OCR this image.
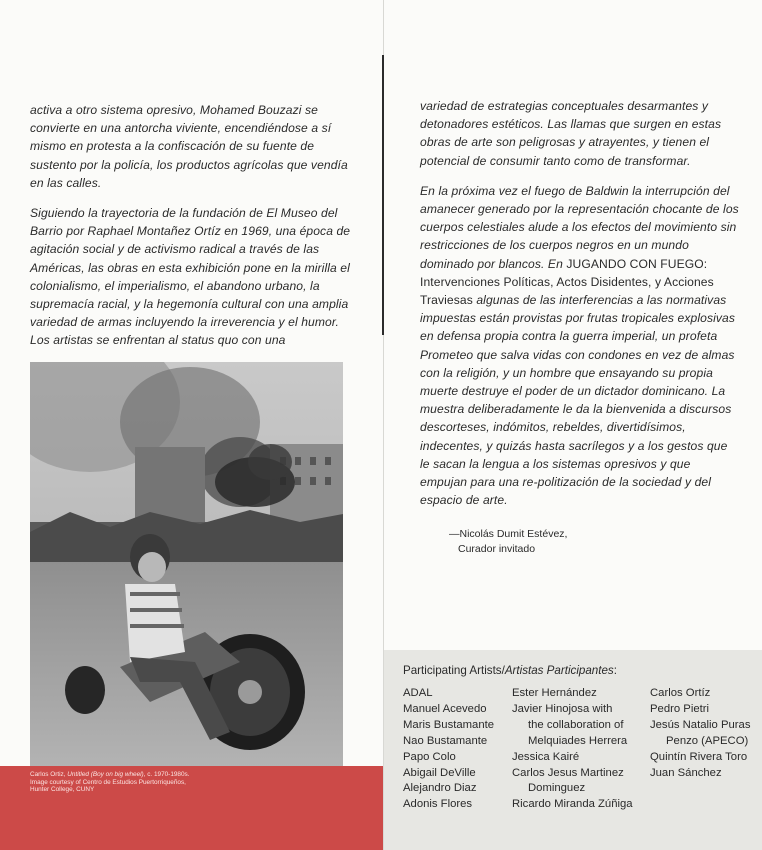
activa a otro sistema opresivo, Mohamed Bouzazi se convierte en una antorcha viviente, encendiéndose a sí mismo en protesta a la confiscación de su fuente de sustento por la policía, los productos agrícolas que vendía en las calles.

Siguiendo la trayectoria de la fundación de El Museo del Barrio por Raphael Montañez Ortíz en 1969, una época de agitación social y de activismo radical a través de las Américas, las obras en esta exhibición pone en la mirilla el colonialismo, el imperialismo, el abandono urbano, la supremacía racial, y la hegemonía cultural con una amplia variedad de armas incluyendo la irreverencia y el humor. Los artistas se enfrentan al status quo con una

variedad de estrategias conceptuales desarmantes y detonadores estéticos. Las llamas que surgen en estas obras de arte son peligrosas y atrayentes, y tienen el potencial de consumir tanto como de transformar.

En la próxima vez el fuego de Baldwin la interrupción del amanecer generado por la representación chocante de los cuerpos celestiales alude a los efectos del movimiento sin restricciones de los cuerpos negros en un mundo dominado por blancos. En JUGANDO CON FUEGO: Intervenciones Políticas, Actos Disidentes, y Acciones Traviesas algunas de las interferencias a las normativas impuestas están provistas por frutas tropicales explosivas en defensa propia contra la guerra imperial, un profeta Prometeo que salva vidas con condones en vez de almas con la religión, y un hombre que ensayando su propia muerte destruye el poder de un dictador dominicano. La muestra deliberadamente le da la bienvenida a discursos descorteses, indómitos, rebeldes, divertidísimos, indecentes, y quizás hasta sacrílegos y a los gestos que le sacan la lengua a los sistemas opresivos y que empujan para una re-politización de la sociedad y del espacio de arte.

—Nicolás Dumit Estévez,
Curador invitado
Carlos Ortiz, Untitled (Boy on big wheel), c. 1970-1980s.
Image courtesy of Centro de Estudios Puertorriqueños,
Hunter College, CUNY
Participating Artists/Artistas Participantes:
ADAL
Manuel Acevedo
Maris Bustamante
Nao Bustamante
Papo Colo
Abigail DeVille
Alejandro Diaz
Adonis Flores
Ester Hernández
Javier Hinojosa with
the collaboration of
Melquiades Herrera
Jessica Kairé
Carlos Jesus Martinez
Dominguez
Ricardo Miranda Zúñiga
Carlos Ortíz
Pedro Pietri
Jesús Natalio Puras
Penzo (APECO)
Quintín Rivera Toro
Juan Sánchez
